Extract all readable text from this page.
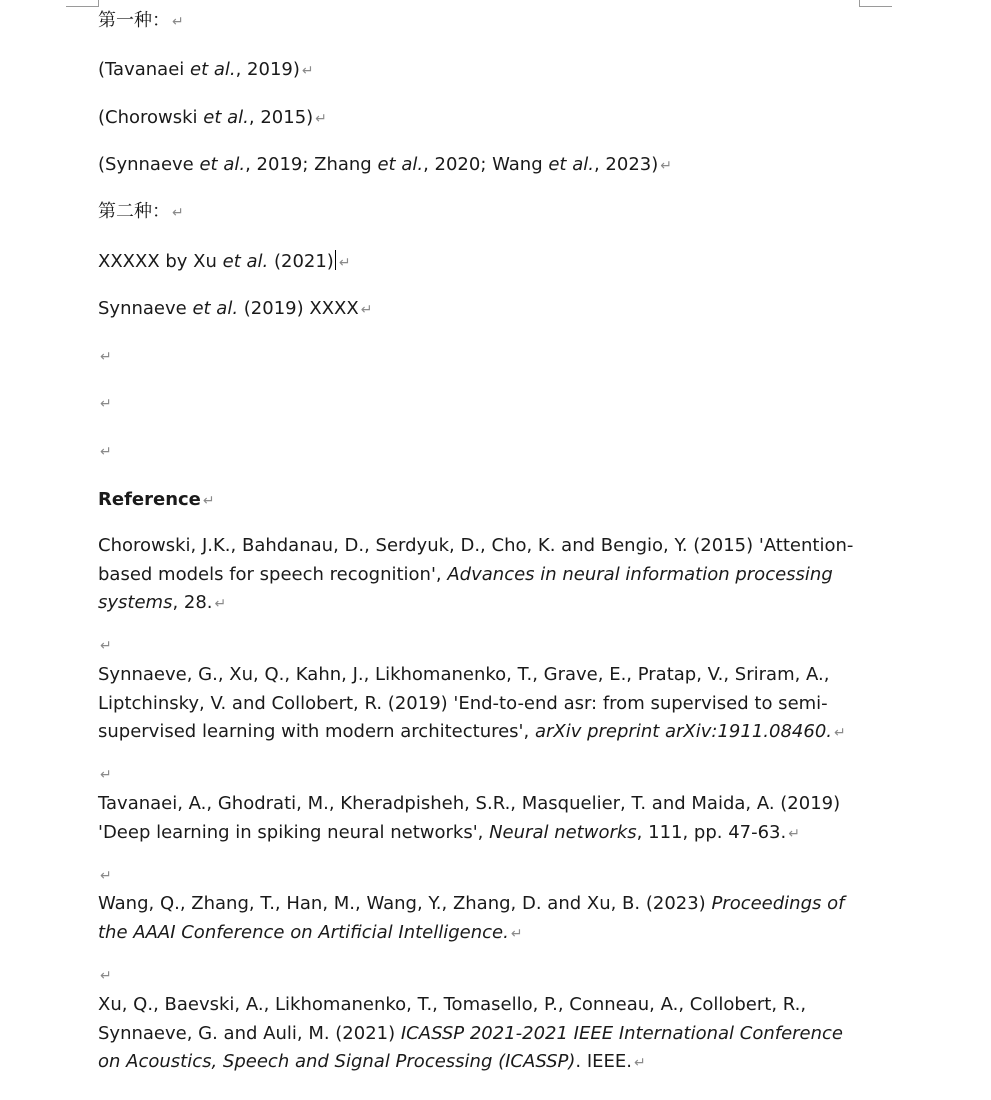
第一种： ↵
(Tavanaei et al., 2019) ↵
(Chorowski et al., 2015) ↵
(Synnaeve et al., 2019; Zhang et al., 2020; Wang et al., 2023) ↵
第二种： ↵
XXXXX by Xu et al. (2021) ↵
Synnaeve et al. (2019) XXXX ↵
↵
↵
↵
Reference ↵
Chorowski, J.K., Bahdanau, D., Serdyuk, D., Cho, K. and Bengio, Y. (2015) 'Attention-based models for speech recognition', Advances in neural information processing systems, 28. ↵
↵
Synnaeve, G., Xu, Q., Kahn, J., Likhomanenko, T., Grave, E., Pratap, V., Sriram, A., Liptchinsky, V. and Collobert, R. (2019) 'End-to-end asr: from supervised to semi-supervised learning with modern architectures', arXiv preprint arXiv:1911.08460. ↵
↵
Tavanaei, A., Ghodrati, M., Kheradpisheh, S.R., Masquelier, T. and Maida, A. (2019) 'Deep learning in spiking neural networks', Neural networks, 111, pp. 47-63. ↵
↵
Wang, Q., Zhang, T., Han, M., Wang, Y., Zhang, D. and Xu, B. (2023) Proceedings of the AAAI Conference on Artificial Intelligence. ↵
↵
Xu, Q., Baevski, A., Likhomanenko, T., Tomasello, P., Conneau, A., Collobert, R., Synnaeve, G. and Auli, M. (2021) ICASSP 2021-2021 IEEE International Conference on Acoustics, Speech and Signal Processing (ICASSP). IEEE. ↵
